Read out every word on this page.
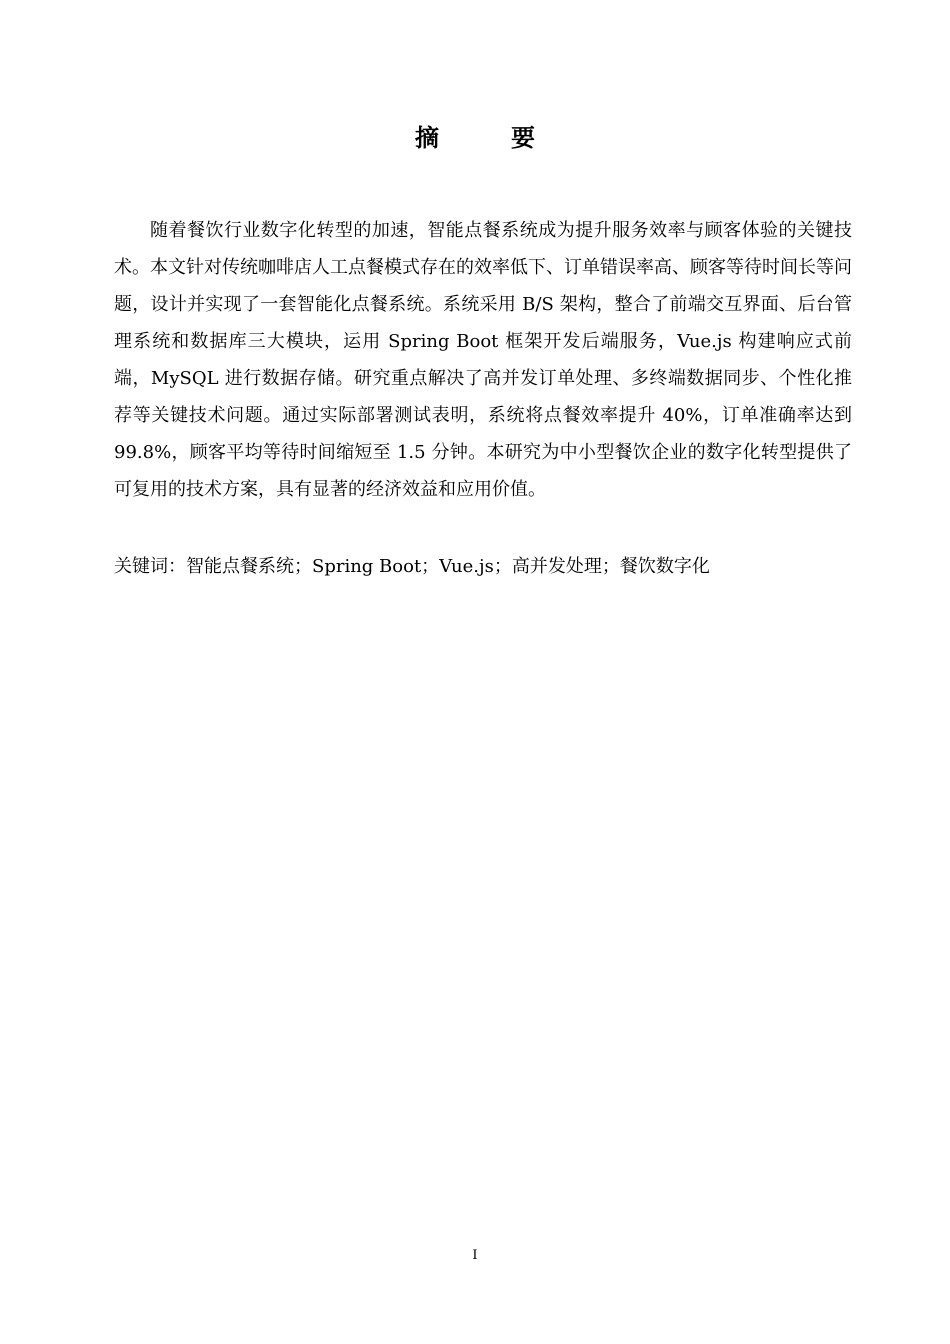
摘　要

随着餐饮行业数字化转型的加速，智能点餐系统成为提升服务效率与顾客体验的关键技术。本文针对传统咖啡店人工点餐模式存在的效率低下、订单错误率高、顾客等待时间长等问题，设计并实现了一套智能化点餐系统。系统采用 B/S 架构，整合了前端交互界面、后台管理系统和数据库三大模块，运用 Spring Boot 框架开发后端服务，Vue.js 构建响应式前端，MySQL 进行数据存储。研究重点解决了高并发订单处理、多终端数据同步、个性化推荐等关键技术问题。通过实际部署测试表明，系统将点餐效率提升 40%，订单准确率达到 99.8%，顾客平均等待时间缩短至 1.5 分钟。本研究为中小型餐饮企业的数字化转型提供了可复用的技术方案，具有显著的经济效益和应用价值。

关键词：智能点餐系统；Spring Boot；Vue.js；高并发处理；餐饮数字化

I
